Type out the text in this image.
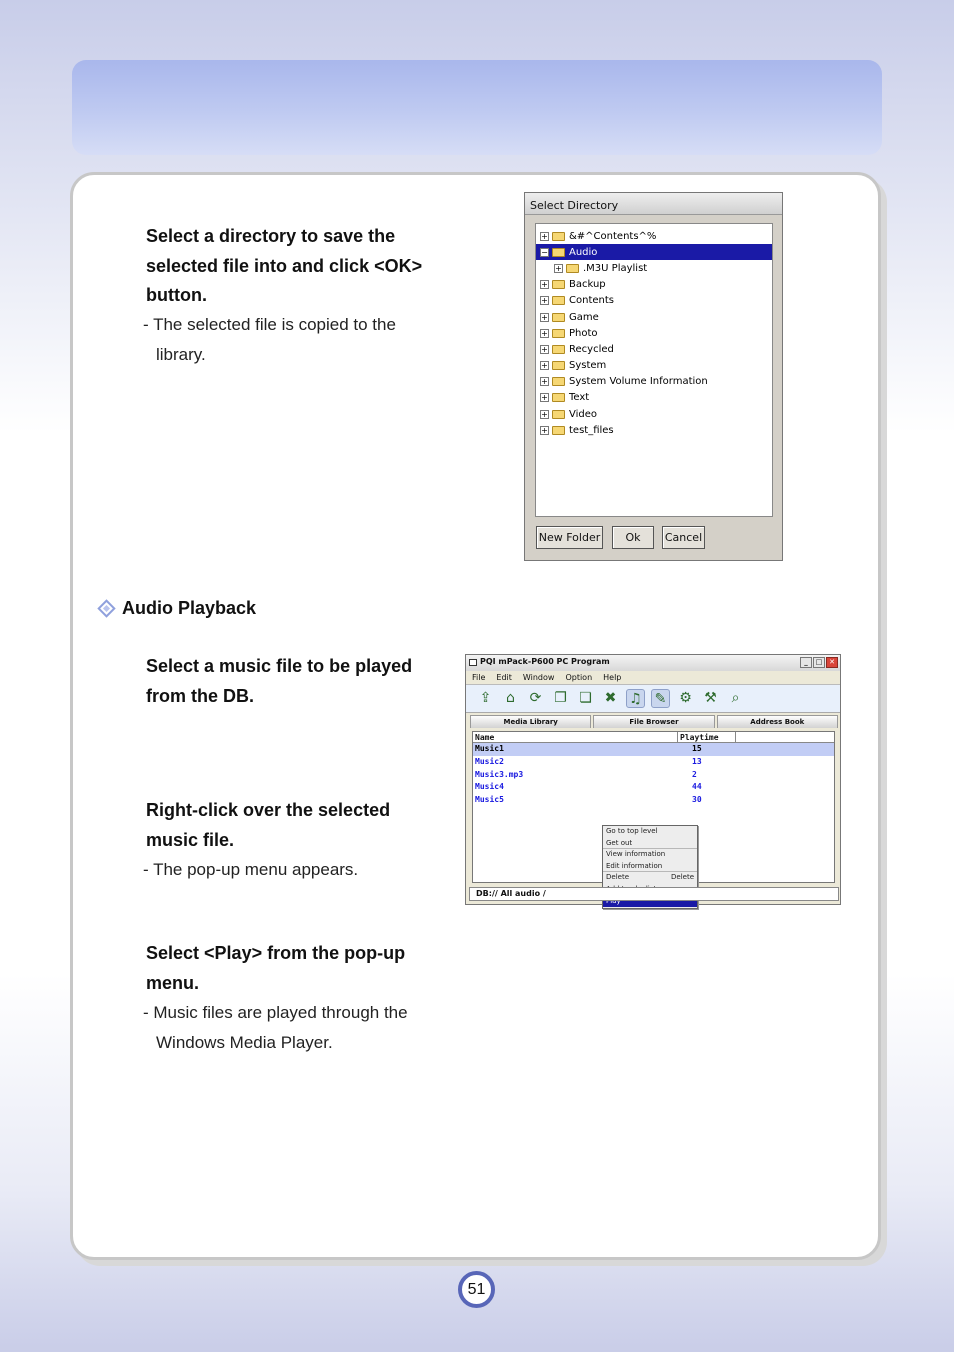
Select a directory to save the selected file into and click <OK> button.
- The selected file is copied to the
library.
Select Directory
+ &#^Contents^%
− Audio
+ .M3U Playlist
+ Backup
+ Contents
+ Game
+ Photo
+ Recycled
+ System
+ System Volume Information
+ Text
+ Video
+ test_files
New Folder	Ok	Cancel
Audio Playback
Select a music file to be played from the DB.
Right-click over the selected music file.
- The pop-up menu appears.
Select <Play> from the pop-up menu.
- Music files are played through the
Windows Media Player.
PQI mPack-P600 PC Program	_	□ ✕
File Edit Window Option Help
⇪	⌂	⟳ ❐ ❏ ✖ ♫ ✎ ⚙ ⚒	⌕
Media Library	File Browser	Address Book
Name	Playtime
Music1	15
Music2	13
Music3.mp3	2
Music4	44
Music5	30
Go to top level
Get out
View information
Edit information
Delete	Delete
DB:// All audio /
51
